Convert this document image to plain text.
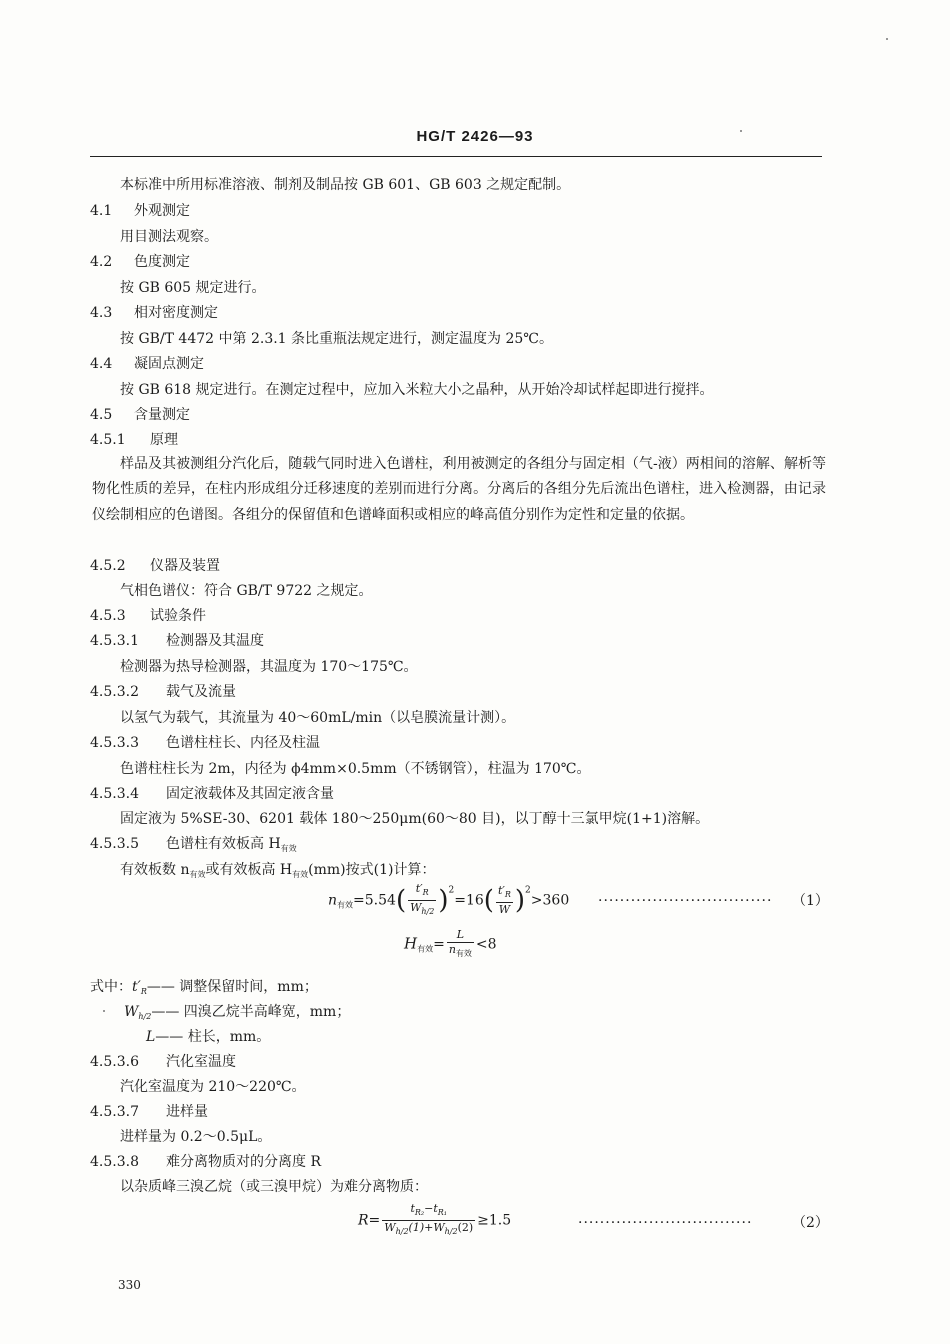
HG/T 2426—93
本标准中所用标准溶液、制剂及制品按 GB 601、GB 603 之规定配制。
4.1 外观测定
用目测法观察。
4.2 色度测定
按 GB 605 规定进行。
4.3 相对密度测定
按 GB/T 4472 中第 2.3.1 条比重瓶法规定进行，测定温度为 25℃。
4.4 凝固点测定
按 GB 618 规定进行。在测定过程中，应加入米粒大小之晶种，从开始冷却试样起即进行搅拌。
4.5 含量测定
4.5.1 原理
样品及其被测组分汽化后，随载气同时进入色谱柱，利用被测定的各组分与固定相（气-液）两相间的溶解、解析等物化性质的差异，在柱内形成组分迁移速度的差别而进行分离。分离后的各组分先后流出色谱柱，进入检测器，由记录仪绘制相应的色谱图。各组分的保留值和色谱峰面积或相应的峰高值分别作为定性和定量的依据。
4.5.2 仪器及装置
气相色谱仪：符合 GB/T 9722 之规定。
4.5.3 试验条件
4.5.3.1 检测器及其温度
检测器为热导检测器，其温度为 170～175℃。
4.5.3.2 载气及流量
以氢气为载气，其流量为 40～60mL/min（以皂膜流量计测）。
4.5.3.3 色谱柱柱长、内径及柱温
色谱柱柱长为 2m，内径为 ϕ4mm×0.5mm（不锈钢管），柱温为 170℃。
4.5.3.4 固定液载体及其固定液含量
固定液为 5%SE-30、6201 载体 180～250μm(60～80 目)，以丁醇十三氯甲烷(1+1)溶解。
4.5.3.5 色谱柱有效板高 $H_{有效}$
有效板数 $n_{有效}$或有效板高 $H_{有效}(mm)$按式(1)计算：
$n_{有效}=5.54( \frac{t'_R}{W_{h/2}} )^2=16( \frac{t'_R}{W} )^2>360$ ································ （1）
$H_{有效}= \frac{L}{n_{有效}} <8$
式中：$t'_R——$ 调整保留时间，mm；
$W_{h/2}——$ 四溴乙烷半高峰宽，mm；
L—— 柱长，mm。
4.5.3.6 汽化室温度
汽化室温度为 210～220℃。
4.5.3.7 进样量
进样量为 0.2～0.5μL。
4.5.3.8 难分离物质对的分离度 R
以杂质峰三溴乙烷（或三溴甲烷）为难分离物质：
$R= \frac{t_{R_2}-t_{R_1}}{W_{h/2}(1)+W_{h/2}(2)} \ge 1.5$	································	（2）
330
